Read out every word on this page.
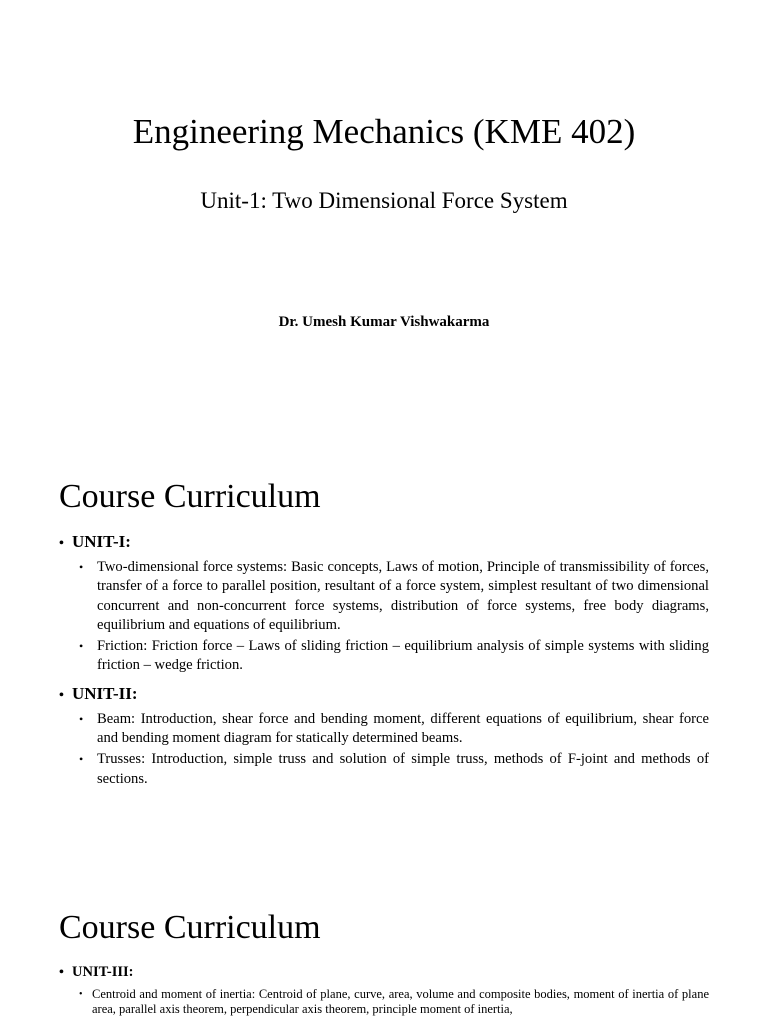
Engineering Mechanics (KME 402)
Unit-1: Two Dimensional Force System
Dr. Umesh Kumar Vishwakarma
Course Curriculum
• UNIT-I:
• Two-dimensional force systems: Basic concepts, Laws of motion, Principle of transmissibility of forces, transfer of a force to parallel position, resultant of a force system, simplest resultant of two dimensional concurrent and non-concurrent force systems, distribution of force systems, free body diagrams, equilibrium and equations of equilibrium.
• Friction: Friction force – Laws of sliding friction – equilibrium analysis of simple systems with sliding friction – wedge friction.
• UNIT-II:
• Beam: Introduction, shear force and bending moment, different equations of equilibrium, shear force and bending moment diagram for statically determined beams.
• Trusses: Introduction, simple truss and solution of simple truss, methods of F-joint and methods of sections.
Course Curriculum
• UNIT-III:
• Centroid and moment of inertia: Centroid of plane, curve, area, volume and composite bodies, moment of inertia of plane area, parallel axis theorem, perpendicular axis theorem, principle moment of inertia,
